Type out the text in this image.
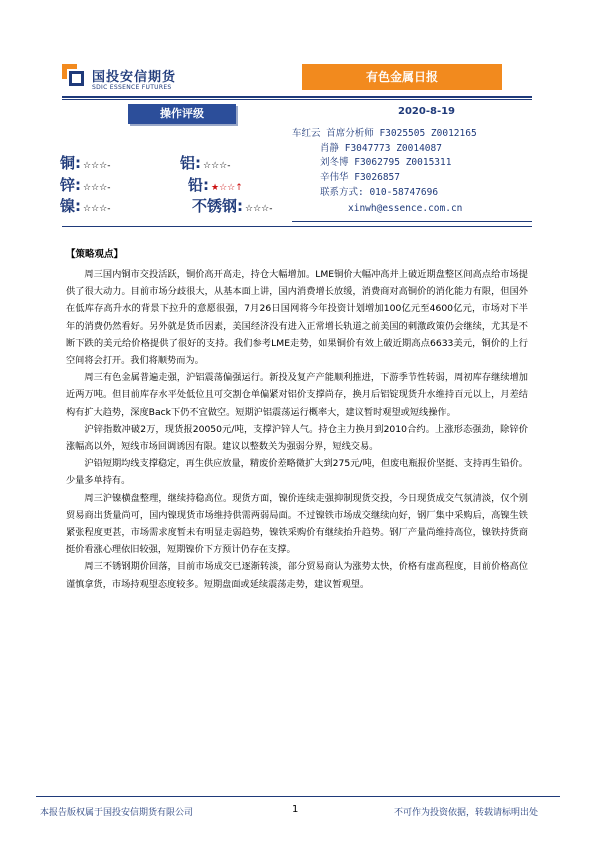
国投安信期货
SDIC ESSENCE FUTURES
有色金属日报
2020-8-19
操作评级
铜: ☆☆☆-	铝: ☆☆☆-
锌: ☆☆☆-	铅: ★☆☆↑
镍: ☆☆☆-	不锈钢: ☆☆☆-
车红云 首席分析师 F3025505 Z0012165
肖静 F3047773 Z0014087
刘冬博 F3062795 Z0015311
辛伟华 F3026857
联系方式: 010-58747696
xinwh@essence.com.cn
【策略观点】

周三国内铜市交投活跃，铜价高开高走，持仓大幅增加。LME铜价大幅冲高并上破近期盘整区间高点给市场提供了很大动力。目前市场分歧很大，从基本面上讲，国内消费增长放缓，消费商对高铜价的消化能力有限，但国外在低库存高升水的背景下拉升的意愿很强，7月26日国网将今年投资计划增加100亿元至4600亿元，市场对下半年的消费仍然看好。另外就是货币因素，美国经济没有进入正常增长轨道之前美国的刺激政策仍会继续，尤其是不断下跌的美元给价格提供了很好的支持。我们参考LME走势，如果铜价有效上破近期高点6633美元，铜价的上行空间将会打开。我们将顺势而为。

周三有色金属普遍走强，沪铝震荡偏强运行。新投及复产产能顺利推进，下游季节性转弱，周初库存继续增加近两万吨。但目前库存水平处低位且可交割仓单偏紧对铝价支撑尚存，换月后铝锭现货升水维持百元以上，月差结构有扩大趋势，深度Back下仍不宜做空。短期沪铝震荡运行概率大，建议暂时观望或短线操作。

沪锌指数冲破2万，现货报20050元/吨，支撑沪锌人气。持仓主力换月到2010合约。上涨形态强劲，除锌价涨幅高以外，短线市场回调诱因有限。建议以整数关为强弱分界，短线交易。

沪铅短期均线支撑稳定，再生供应放量，精废价差略微扩大到275元/吨，但废电瓶报价坚挺、支持再生铅价。少量多单持有。

周三沪镍横盘整理，继续持稳高位。现货方面，镍价连续走强抑制现货交投，今日现货成交气氛清淡，仅个别贸易商出货量尚可，国内镍现货市场维持供需两弱局面。不过镍铁市场成交继续向好，钢厂集中采购后，高镍生铁紧张程度更甚，市场需求度暂未有明显走弱趋势，镍铁采购价有继续抬升趋势。钢厂产量尚维持高位，镍铁持货商挺价看涨心理依旧较强，短期镍价下方预计仍存在支撑。

周三不锈钢期价回落，目前市场成交已逐渐转淡，部分贸易商认为涨势太快，价格有虚高程度，目前价格高位谨慎拿货，市场持观望态度较多。短期盘面或延续震荡走势，建议暂观望。

本报告版权属于国投安信期货有限公司	1	不可作为投资依据，转载请标明出处
